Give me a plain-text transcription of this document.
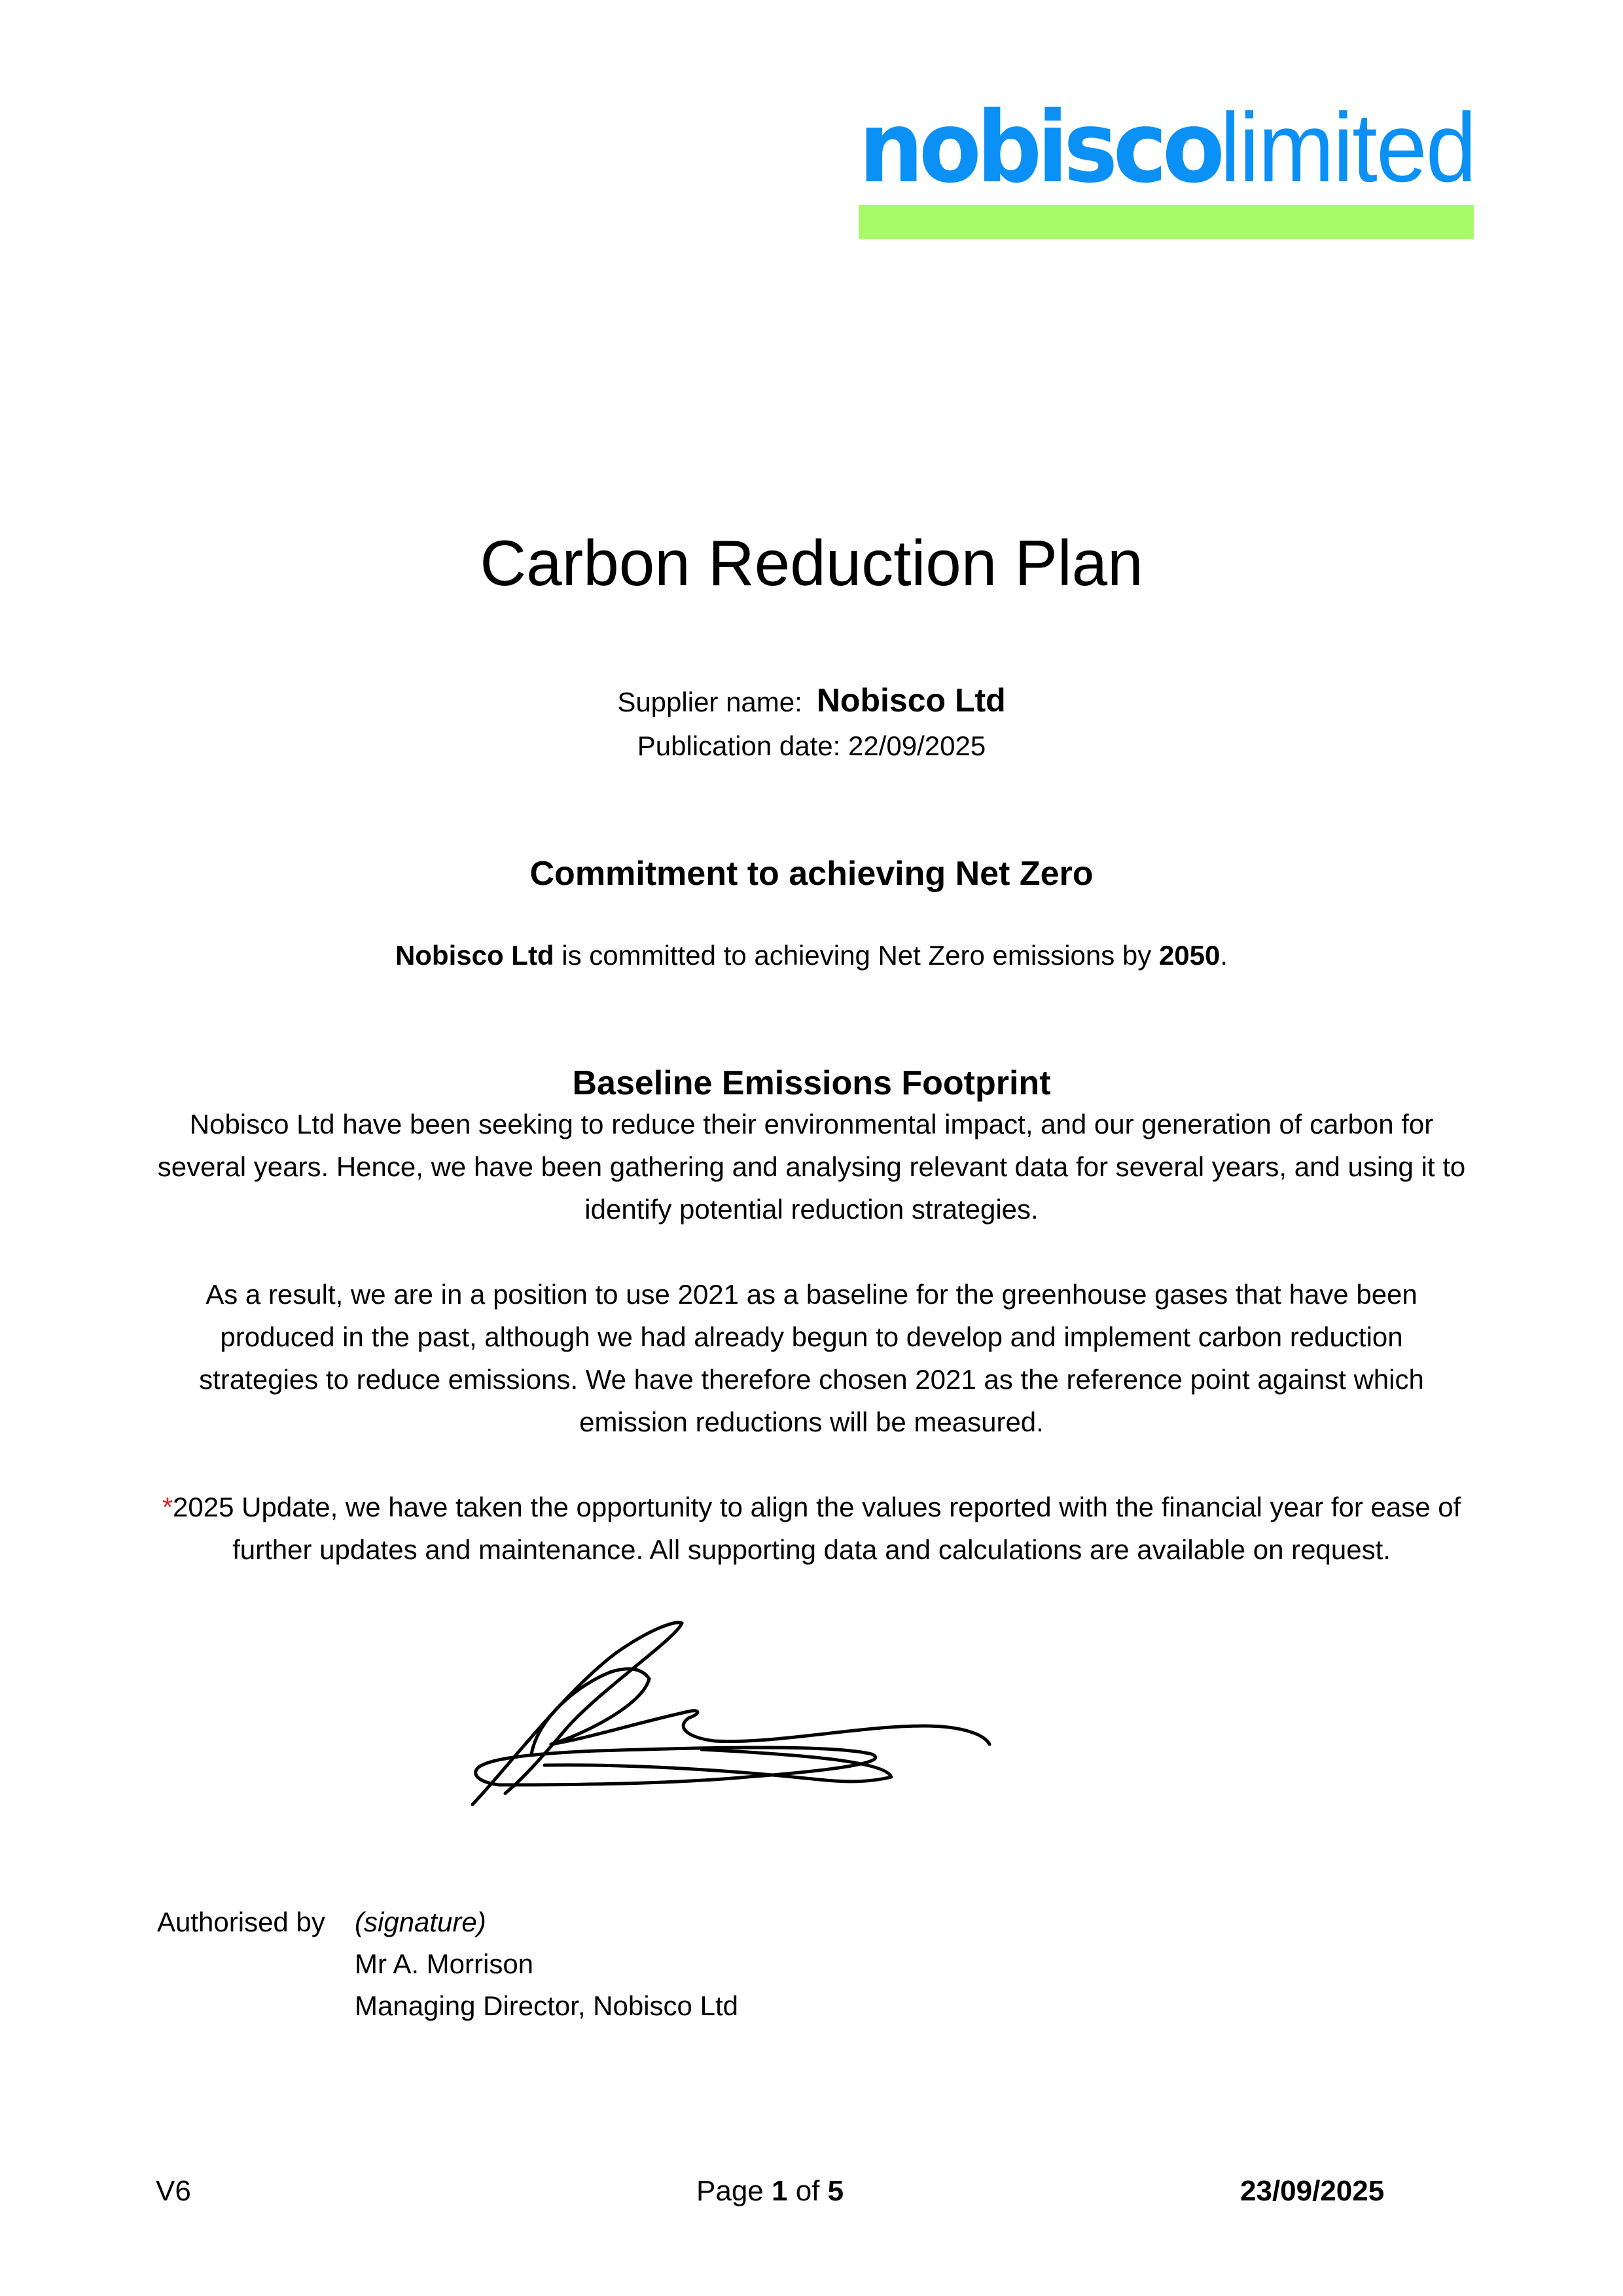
nobiscolimited
Carbon Reduction Plan
Supplier name: Nobisco Ltd
Publication date: 22/09/2025
Commitment to achieving Net Zero
Nobisco Ltd is committed to achieving Net Zero emissions by 2050.
Baseline Emissions Footprint
Nobisco Ltd have been seeking to reduce their environmental impact, and our generation of carbon for several years. Hence, we have been gathering and analysing relevant data for several years, and using it to identify potential reduction strategies.
As a result, we are in a position to use 2021 as a baseline for the greenhouse gases that have been produced in the past, although we had already begun to develop and implement carbon reduction strategies to reduce emissions. We have therefore chosen 2021 as the reference point against which emission reductions will be measured.
*2025 Update, we have taken the opportunity to align the values reported with the financial year for ease of further updates and maintenance. All supporting data and calculations are available on request.
Authorised by (signature)
Mr A. Morrison
Managing Director, Nobisco Ltd
V6	Page 1 of 5	23/09/2025
